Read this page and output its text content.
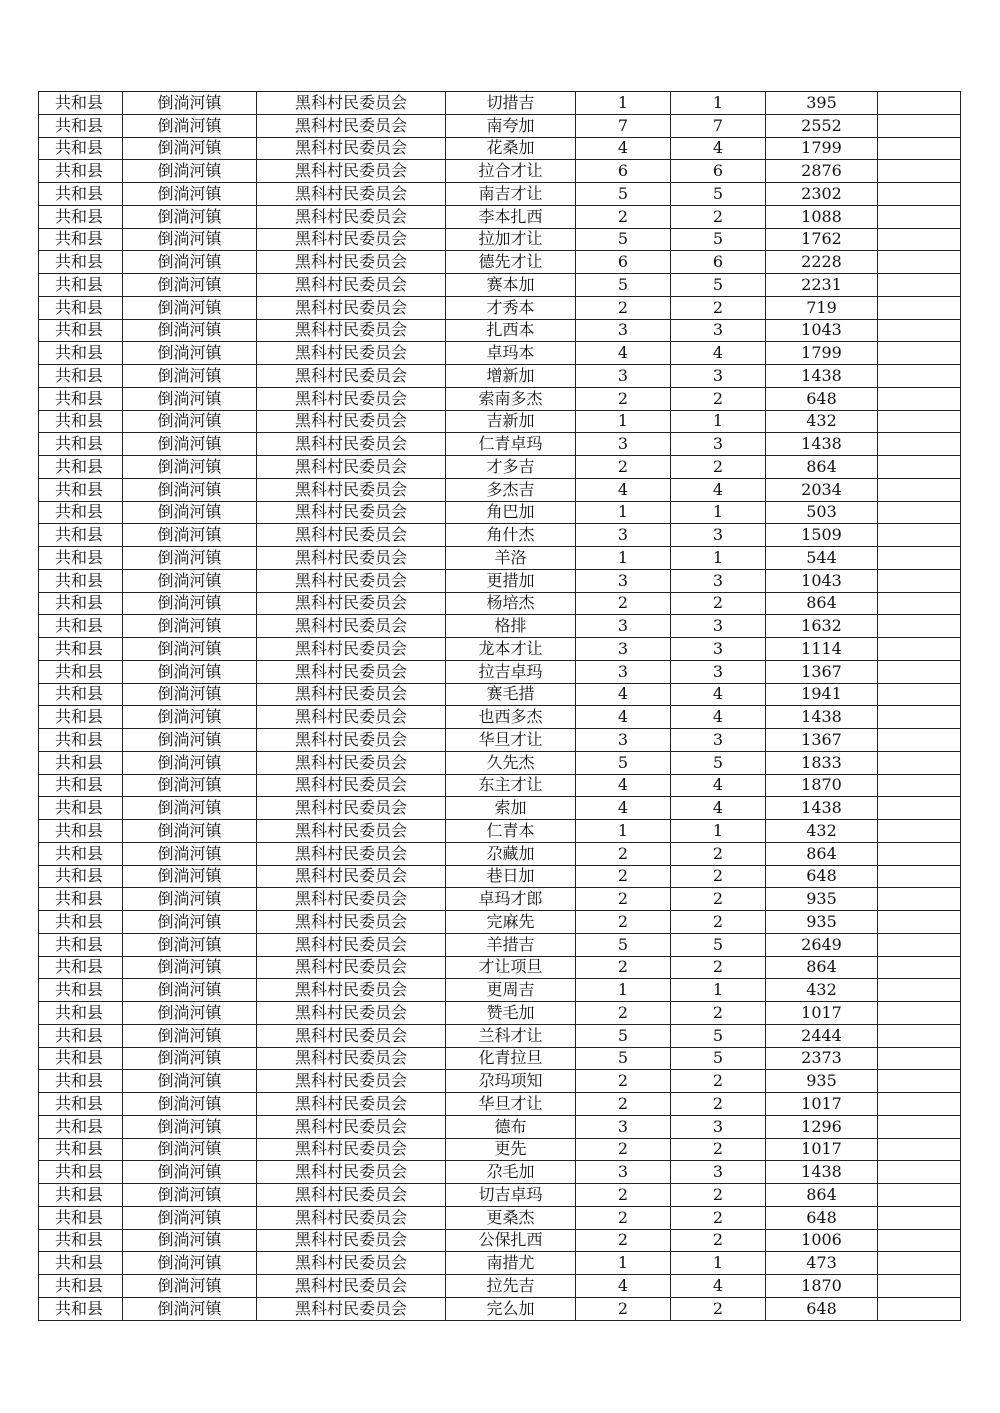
共和县	倒淌河镇	黑科村民委员会	切措吉	1	1	395	
共和县	倒淌河镇	黑科村民委员会	南夸加	7	7	2552	
共和县	倒淌河镇	黑科村民委员会	花桑加	4	4	1799	
共和县	倒淌河镇	黑科村民委员会	拉合才让	6	6	2876	
共和县	倒淌河镇	黑科村民委员会	南吉才让	5	5	2302	
共和县	倒淌河镇	黑科村民委员会	李本扎西	2	2	1088	
共和县	倒淌河镇	黑科村民委员会	拉加才让	5	5	1762	
共和县	倒淌河镇	黑科村民委员会	德先才让	6	6	2228	
共和县	倒淌河镇	黑科村民委员会	赛本加	5	5	2231	
共和县	倒淌河镇	黑科村民委员会	才秀本	2	2	719	
共和县	倒淌河镇	黑科村民委员会	扎西本	3	3	1043	
共和县	倒淌河镇	黑科村民委员会	卓玛本	4	4	1799	
共和县	倒淌河镇	黑科村民委员会	增新加	3	3	1438	
共和县	倒淌河镇	黑科村民委员会	索南多杰	2	2	648	
共和县	倒淌河镇	黑科村民委员会	吉新加	1	1	432	
共和县	倒淌河镇	黑科村民委员会	仁青卓玛	3	3	1438	
共和县	倒淌河镇	黑科村民委员会	才多吉	2	2	864	
共和县	倒淌河镇	黑科村民委员会	多杰吉	4	4	2034	
共和县	倒淌河镇	黑科村民委员会	角巴加	1	1	503	
共和县	倒淌河镇	黑科村民委员会	角什杰	3	3	1509	
共和县	倒淌河镇	黑科村民委员会	羊洛	1	1	544	
共和县	倒淌河镇	黑科村民委员会	更措加	3	3	1043	
共和县	倒淌河镇	黑科村民委员会	杨培杰	2	2	864	
共和县	倒淌河镇	黑科村民委员会	格排	3	3	1632	
共和县	倒淌河镇	黑科村民委员会	龙本才让	3	3	1114	
共和县	倒淌河镇	黑科村民委员会	拉吉卓玛	3	3	1367	
共和县	倒淌河镇	黑科村民委员会	赛毛措	4	4	1941	
共和县	倒淌河镇	黑科村民委员会	也西多杰	4	4	1438	
共和县	倒淌河镇	黑科村民委员会	华旦才让	3	3	1367	
共和县	倒淌河镇	黑科村民委员会	久先杰	5	5	1833	
共和县	倒淌河镇	黑科村民委员会	东主才让	4	4	1870	
共和县	倒淌河镇	黑科村民委员会	索加	4	4	1438	
共和县	倒淌河镇	黑科村民委员会	仁青本	1	1	432	
共和县	倒淌河镇	黑科村民委员会	尕藏加	2	2	864	
共和县	倒淌河镇	黑科村民委员会	巷日加	2	2	648	
共和县	倒淌河镇	黑科村民委员会	卓玛才郎	2	2	935	
共和县	倒淌河镇	黑科村民委员会	完麻先	2	2	935	
共和县	倒淌河镇	黑科村民委员会	羊措吉	5	5	2649	
共和县	倒淌河镇	黑科村民委员会	才让项旦	2	2	864	
共和县	倒淌河镇	黑科村民委员会	更周吉	1	1	432	
共和县	倒淌河镇	黑科村民委员会	赞毛加	2	2	1017	
共和县	倒淌河镇	黑科村民委员会	兰科才让	5	5	2444	
共和县	倒淌河镇	黑科村民委员会	化青拉旦	5	5	2373	
共和县	倒淌河镇	黑科村民委员会	尕玛项知	2	2	935	
共和县	倒淌河镇	黑科村民委员会	华旦才让	2	2	1017	
共和县	倒淌河镇	黑科村民委员会	德布	3	3	1296	
共和县	倒淌河镇	黑科村民委员会	更先	2	2	1017	
共和县	倒淌河镇	黑科村民委员会	尕毛加	3	3	1438	
共和县	倒淌河镇	黑科村民委员会	切吉卓玛	2	2	864	
共和县	倒淌河镇	黑科村民委员会	更桑杰	2	2	648	
共和县	倒淌河镇	黑科村民委员会	公保扎西	2	2	1006	
共和县	倒淌河镇	黑科村民委员会	南措尤	1	1	473	
共和县	倒淌河镇	黑科村民委员会	拉先吉	4	4	1870	
共和县	倒淌河镇	黑科村民委员会	完么加	2	2	648	
